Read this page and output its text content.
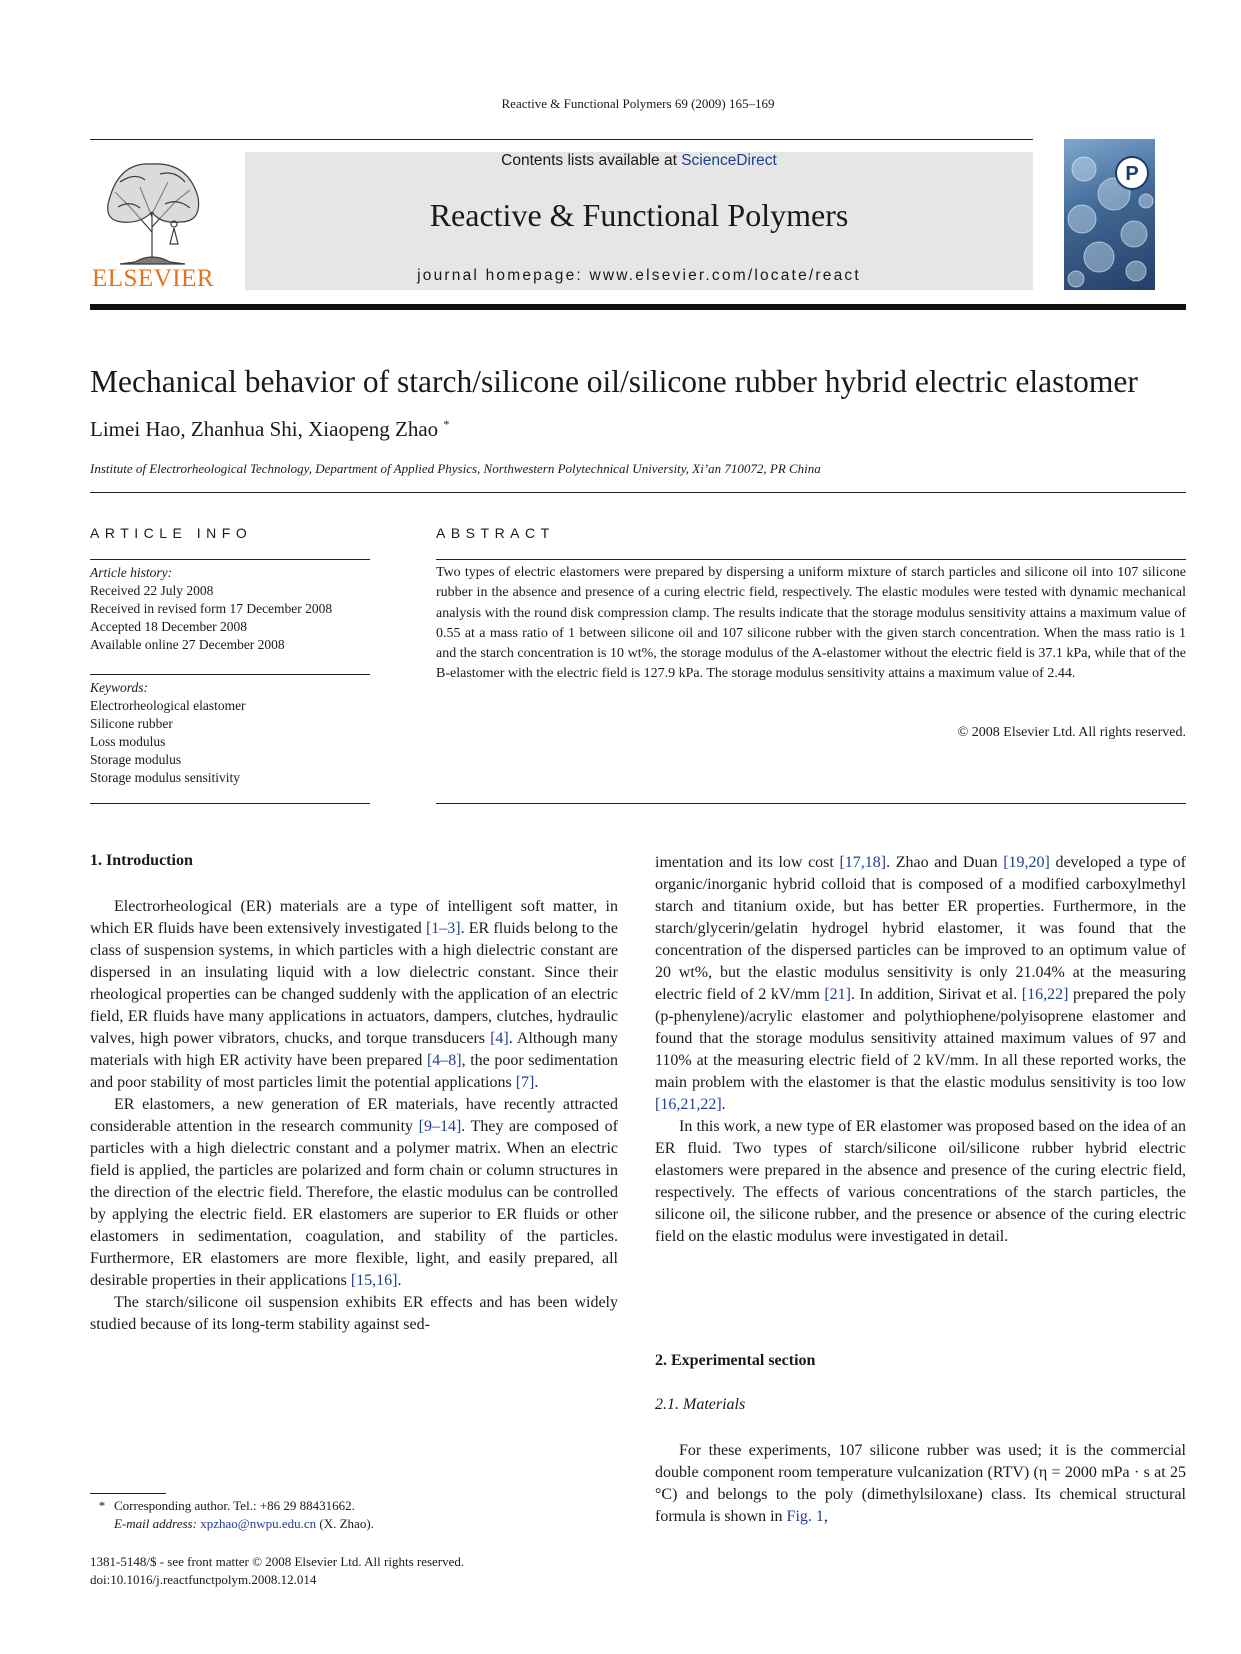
Reactive & Functional Polymers 69 (2009) 165–169
ELSEVIER
Contents lists available at ScienceDirect
Reactive & Functional Polymers
journal homepage: www.elsevier.com/locate/react
P
Mechanical behavior of starch/silicone oil/silicone rubber hybrid electric elastomer
Limei Hao, Zhanhua Shi, Xiaopeng Zhao *
Institute of Electrorheological Technology, Department of Applied Physics, Northwestern Polytechnical University, Xi’an 710072, PR China
ARTICLE INFO	ABSTRACT
Article history:
Received 22 July 2008
Received in revised form 17 December 2008
Accepted 18 December 2008
Available online 27 December 2008
Keywords:
Electrorheological elastomer
Silicone rubber
Loss modulus
Storage modulus
Storage modulus sensitivity
Two types of electric elastomers were prepared by dispersing a uniform mixture of starch particles and silicone oil into 107 silicone rubber in the absence and presence of a curing electric field, respectively. The elastic modules were tested with dynamic mechanical analysis with the round disk compression clamp. The results indicate that the storage modulus sensitivity attains a maximum value of 0.55 at a mass ratio of 1 between silicone oil and 107 silicone rubber with the given starch concentration. When the mass ratio is 1 and the starch concentration is 10 wt%, the storage modulus of the A-elastomer without the electric field is 37.1 kPa, while that of the B-elastomer with the electric field is 127.9 kPa. The storage modulus sensitivity attains a maximum value of 2.44.
© 2008 Elsevier Ltd. All rights reserved.
1. Introduction

Electrorheological (ER) materials are a type of intelligent soft matter, in which ER fluids have been extensively investigated [1–3]. ER fluids belong to the class of suspension systems, in which particles with a high dielectric constant are dispersed in an insulating liquid with a low dielectric constant. Since their rheological properties can be changed suddenly with the application of an electric field, ER fluids have many applications in actuators, dampers, clutches, hydraulic valves, high power vibrators, chucks, and torque transducers [4]. Although many materials with high ER activity have been prepared [4–8], the poor sedimentation and poor stability of most particles limit the potential applications [7].

ER elastomers, a new generation of ER materials, have recently attracted considerable attention in the research community [9–14]. They are composed of particles with a high dielectric constant and a polymer matrix. When an electric field is applied, the particles are polarized and form chain or column structures in the direction of the electric field. Therefore, the elastic modulus can be controlled by applying the electric field. ER elastomers are superior to ER fluids or other elastomers in sedimentation, coagulation, and stability of the particles. Furthermore, ER elastomers are more flexible, light, and easily prepared, all desirable properties in their applications [15,16].

The starch/silicone oil suspension exhibits ER effects and has been widely studied because of its long-term stability against sed-

imentation and its low cost [17,18]. Zhao and Duan [19,20] developed a type of organic/inorganic hybrid colloid that is composed of a modified carboxylmethyl starch and titanium oxide, but has better ER properties. Furthermore, in the starch/glycerin/gelatin hydrogel hybrid elastomer, it was found that the concentration of the dispersed particles can be improved to an optimum value of 20 wt%, but the elastic modulus sensitivity is only 21.04% at the measuring electric field of 2 kV/mm [21]. In addition, Sirivat et al. [16,22] prepared the poly (p-phenylene)/acrylic elastomer and polythiophene/polyisoprene elastomer and found that the storage modulus sensitivity attained maximum values of 97 and 110% at the measuring electric field of 2 kV/mm. In all these reported works, the main problem with the elastomer is that the elastic modulus sensitivity is too low [16,21,22].

In this work, a new type of ER elastomer was proposed based on the idea of an ER fluid. Two types of starch/silicone oil/silicone rubber hybrid electric elastomers were prepared in the absence and presence of the curing electric field, respectively. The effects of various concentrations of the starch particles, the silicone oil, the silicone rubber, and the presence or absence of the curing electric field on the elastic modulus were investigated in detail.

2. Experimental section
2.1. Materials

For these experiments, 107 silicone rubber was used; it is the commercial double component room temperature vulcanization (RTV) (η = 2000 mPa · s at 25 °C) and belongs to the poly (dimethylsiloxane) class. Its chemical structural formula is shown in Fig. 1,

* Corresponding author. Tel.: +86 29 88431662.
E-mail address: xpzhao@nwpu.edu.cn (X. Zhao).
1381-5148/$ - see front matter © 2008 Elsevier Ltd. All rights reserved.
doi:10.1016/j.reactfunctpolym.2008.12.014
